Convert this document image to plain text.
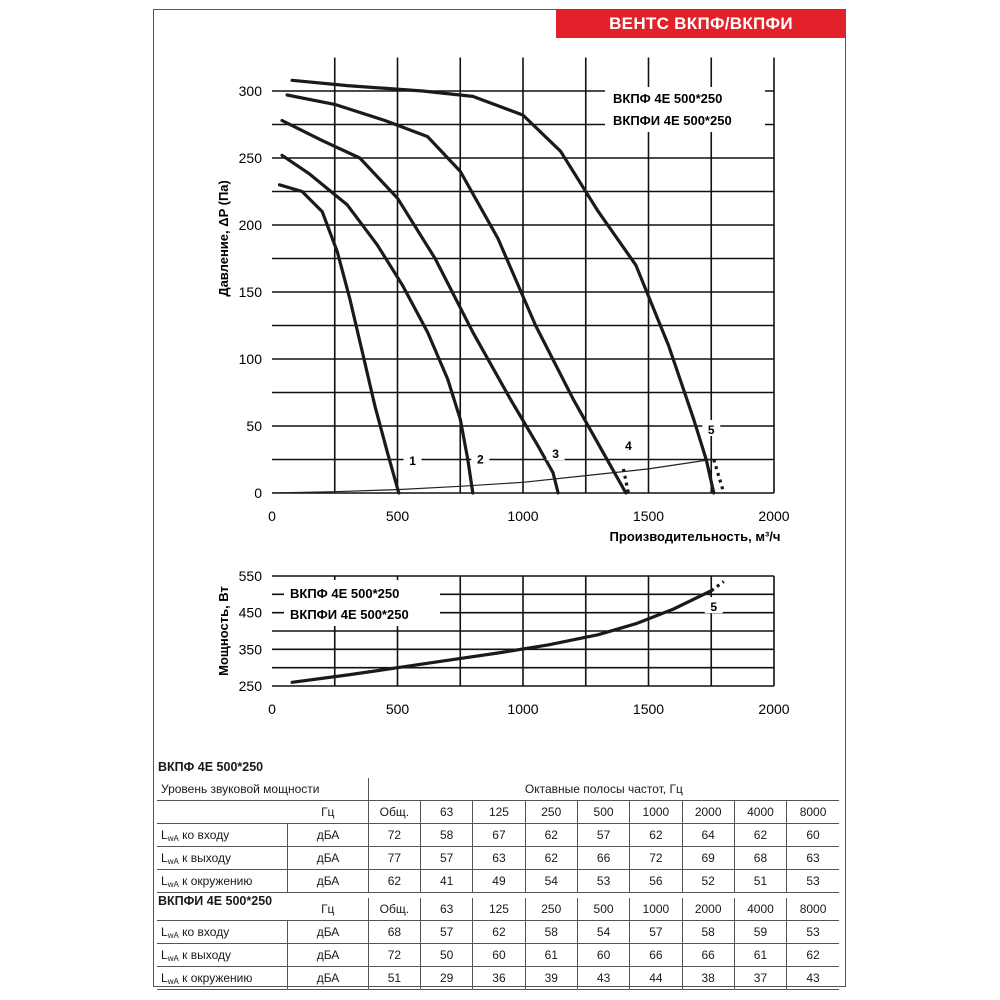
ВЕНТС ВКПФ/ВКПФИ
0
50
100
150
200
250
300
0	500	1000	1500	2000
Производительность, м³/ч
Давление, ΔP (Па)
ВКПФ 4Е 500*250
ВКПФИ 4Е 500*250
1	2	3
4
5
250
350
450
550
0	500	1000	1500	2000
Мощность, Вт	ВКПФ 4Е 500*250
ВКПФИ 4Е 500*250	5
ВКПФ 4Е 500*250
Уровень звуковой мощности		Октавные полосы частот, Гц								
	Гц	Общ.	63	125	250	500	1000	2000	4000	8000
$L_{wA}$ ко входу	дБА	72	58	67	62	57	62	64	62	60
$L_{wA}$ к выходу	дБА	77	57	63	62	66	72	69	68	63
$L_{wA}$ к окружению	дБА	62	41	49	54	53	56	52	51	53
ВКПФИ 4Е 500*250
	Гц	Общ.	63	125	250	500	1000	2000	4000	8000
$L_{wA}$ ко входу	дБА	68	57	62	58	54	57	58	59	53
$L_{wA}$ к выходу	дБА	72	50	60	61	60	66	66	61	62
$L_{wA}$ к окружению	дБА	51	29	36	39	43	44	38	37	43
